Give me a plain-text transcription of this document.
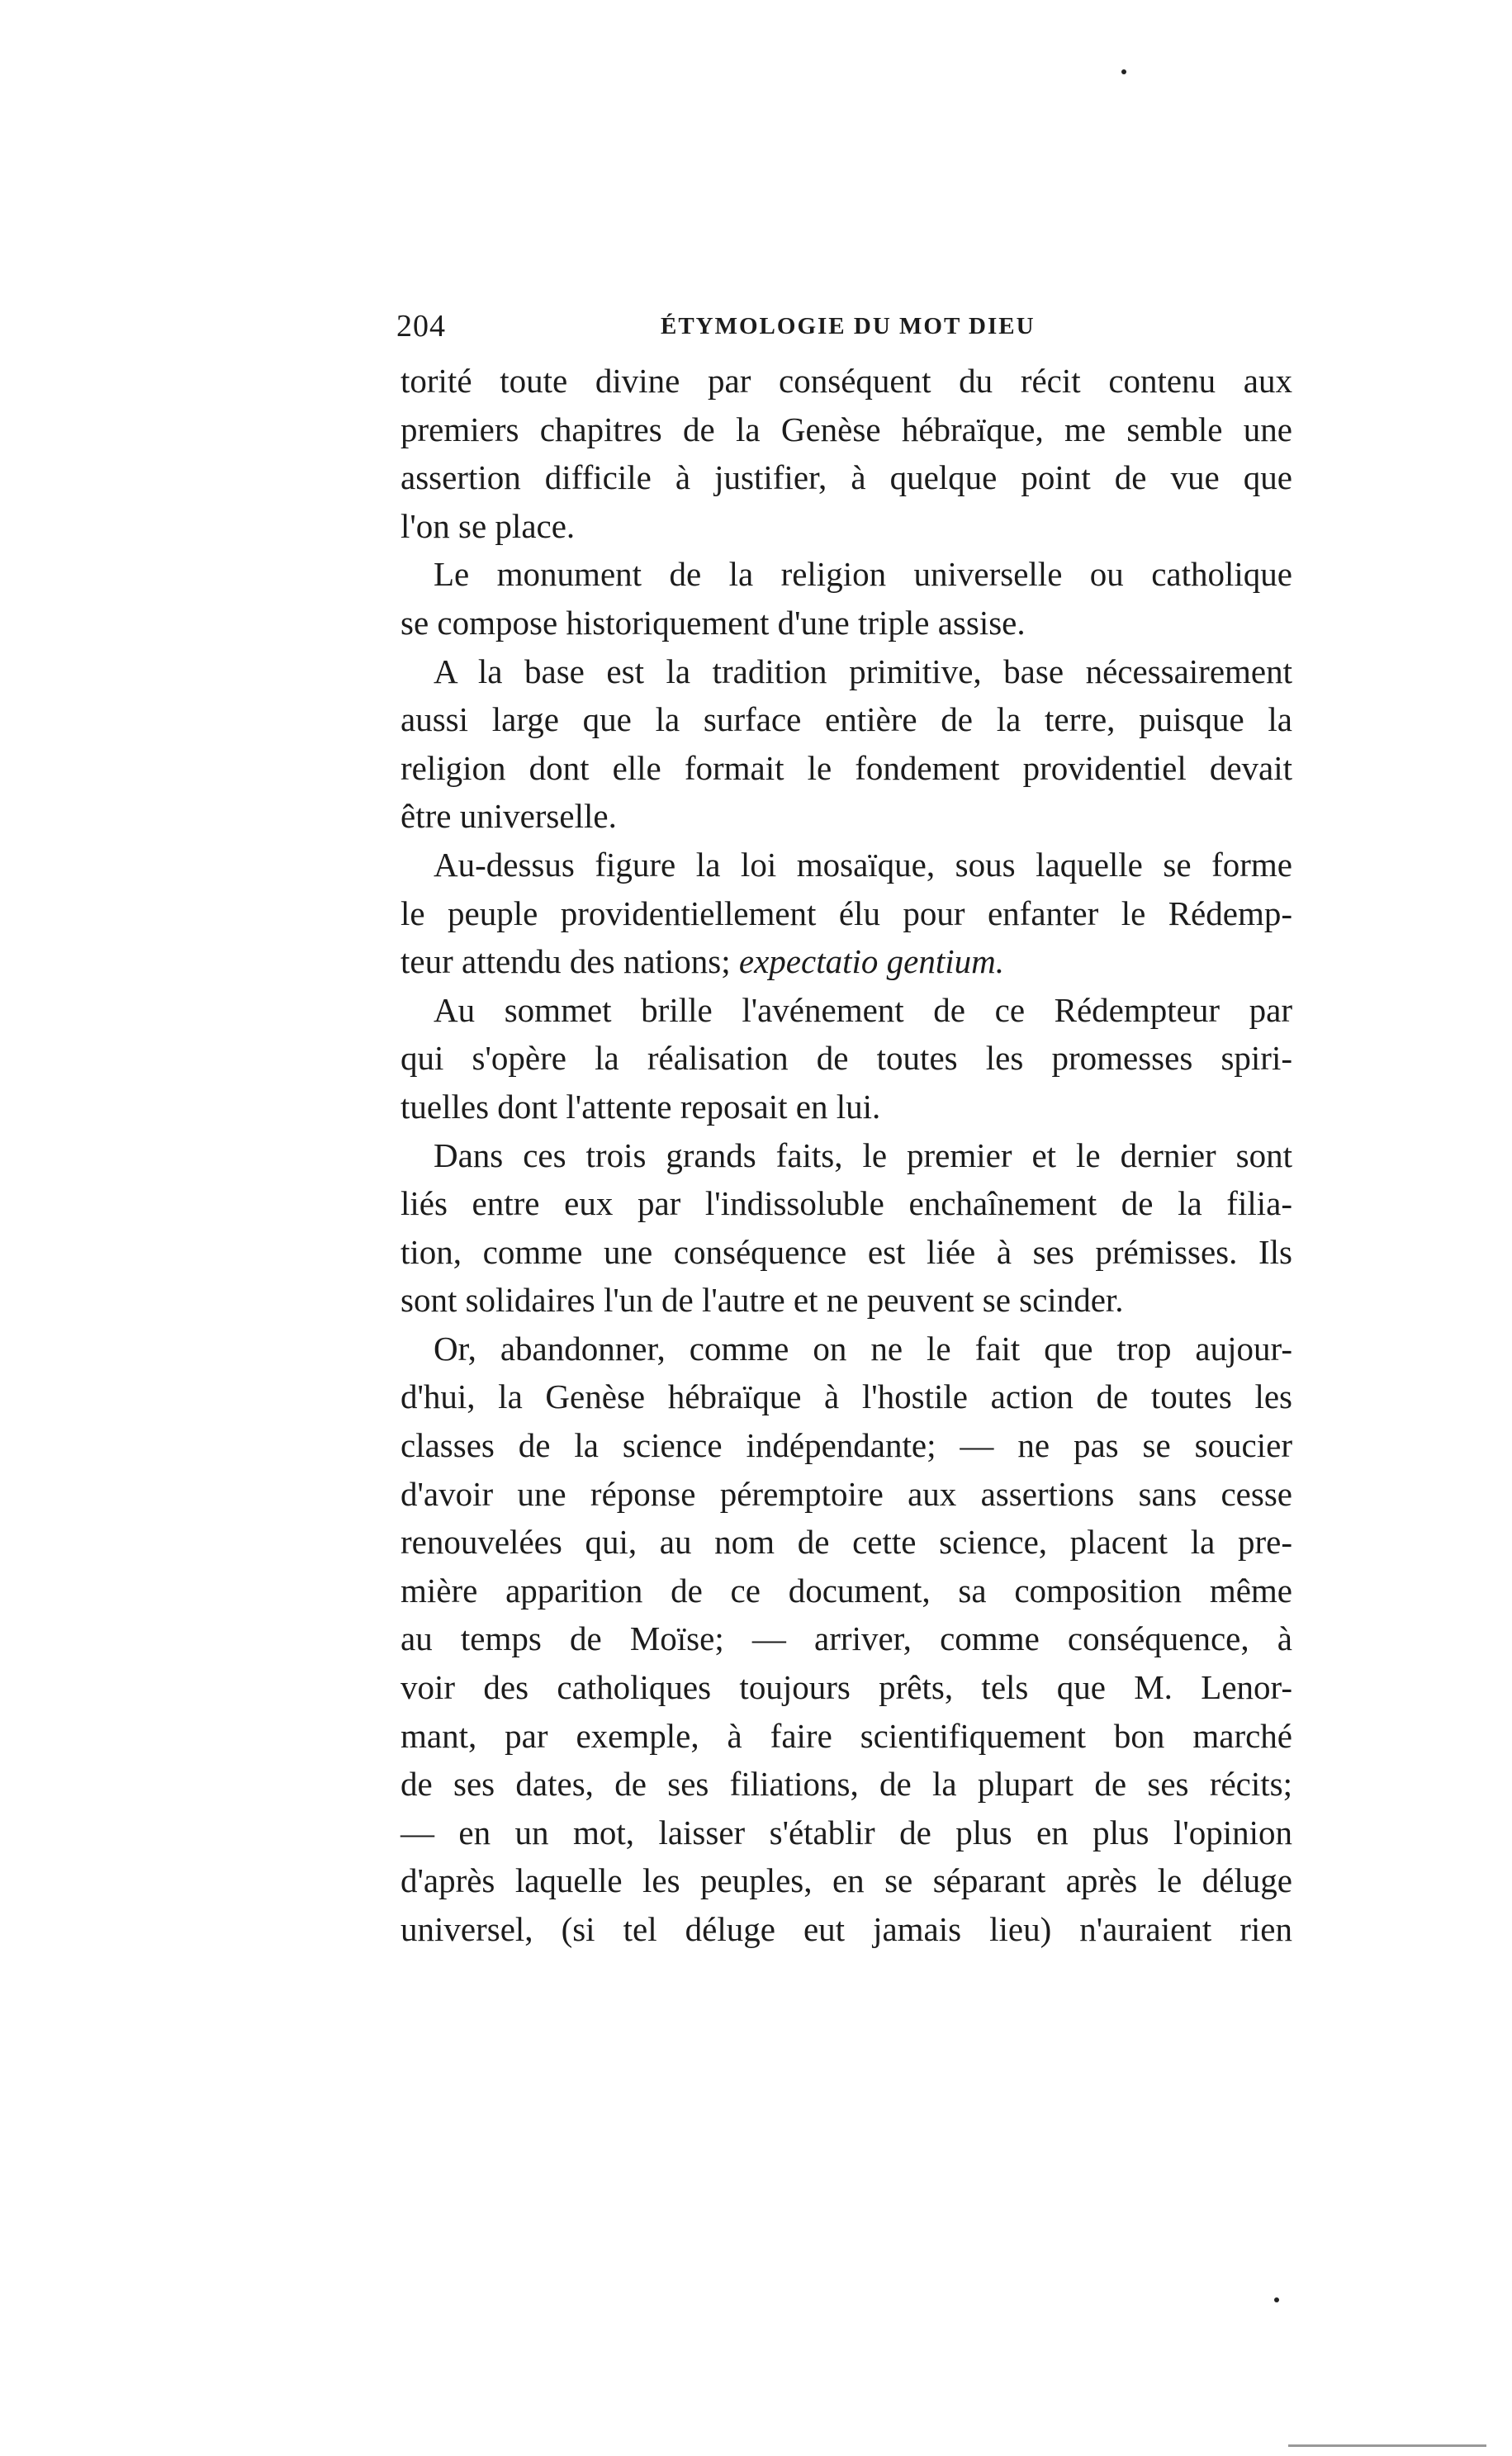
204	ÉTYMOLOGIE DU MOT DIEU
torité toute divine par conséquent du récit contenu aux
premiers chapitres de la Genèse hébraïque, me semble une
assertion difficile à justifier, à quelque point de vue que
l'on se place.
Le monument de la religion universelle ou catholique
se compose historiquement d'une triple assise.
A la base est la tradition primitive, base nécessairement
aussi large que la surface entière de la terre, puisque la
religion dont elle formait le fondement providentiel devait
être universelle.
Au-dessus figure la loi mosaïque, sous laquelle se forme
le peuple providentiellement élu pour enfanter le Rédemp-
teur attendu des nations; expectatio gentium.
Au sommet brille l'avénement de ce Rédempteur par
qui s'opère la réalisation de toutes les promesses spiri-
tuelles dont l'attente reposait en lui.
Dans ces trois grands faits, le premier et le dernier sont
liés entre eux par l'indissoluble enchaînement de la filia-
tion, comme une conséquence est liée à ses prémisses. Ils
sont solidaires l'un de l'autre et ne peuvent se scinder.
Or, abandonner, comme on ne le fait que trop aujour-
d'hui, la Genèse hébraïque à l'hostile action de toutes les
classes de la science indépendante; — ne pas se soucier
d'avoir une réponse péremptoire aux assertions sans cesse
renouvelées qui, au nom de cette science, placent la pre-
mière apparition de ce document, sa composition même
au temps de Moïse; — arriver, comme conséquence, à
voir des catholiques toujours prêts, tels que M. Lenor-
mant, par exemple, à faire scientifiquement bon marché
de ses dates, de ses filiations, de la plupart de ses récits;
— en un mot, laisser s'établir de plus en plus l'opinion
d'après laquelle les peuples, en se séparant après le déluge
universel, (si tel déluge eut jamais lieu) n'auraient rien
